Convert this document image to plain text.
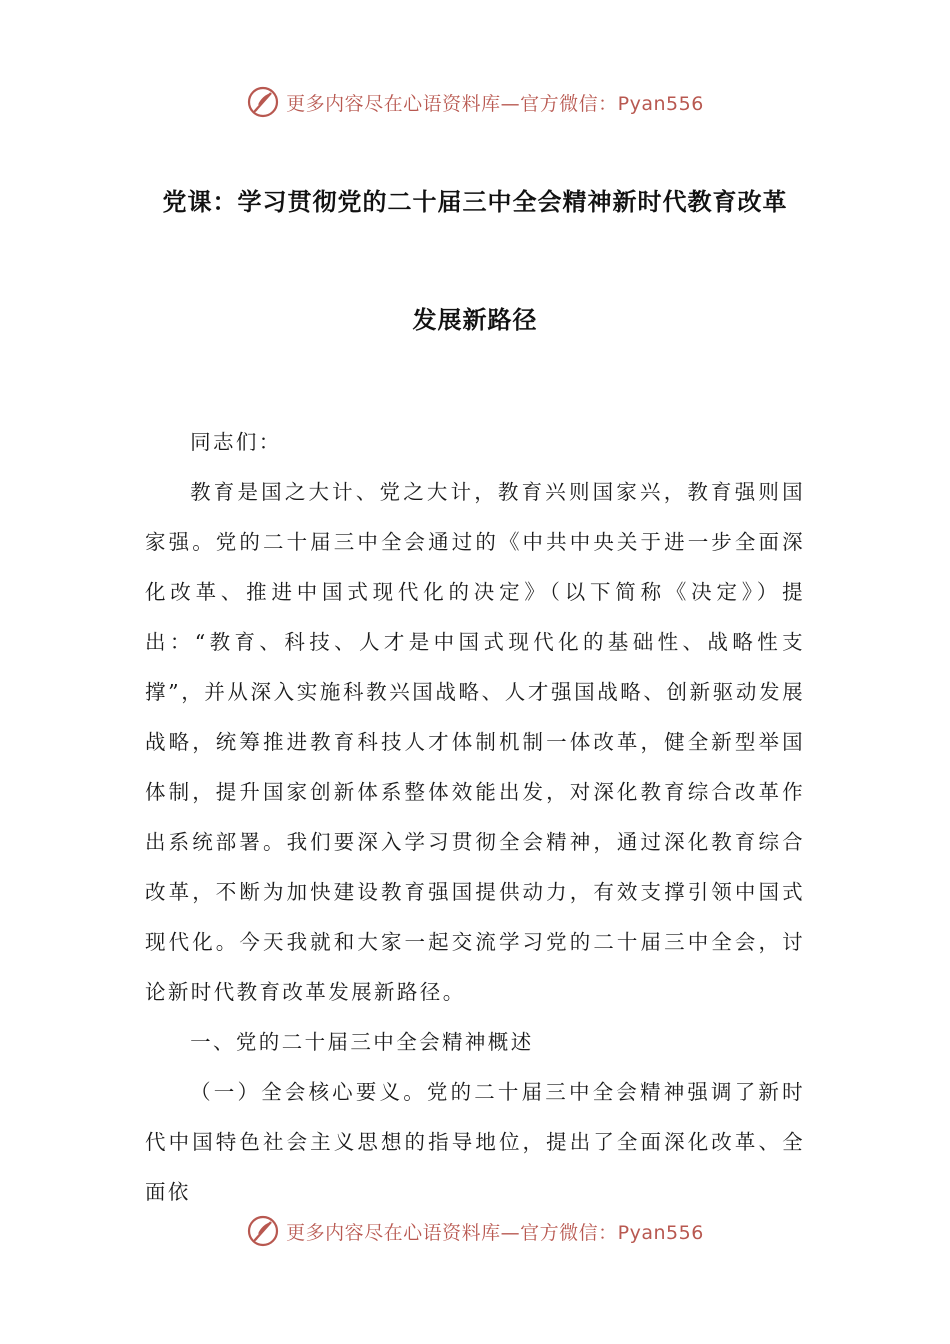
更多内容尽在心语资料库—官方微信：Pyan556
党课：学习贯彻党的二十届三中全会精神新时代教育改革
发展新路径

同志们：

教育是国之大计、党之大计，教育兴则国家兴，教育强则国家强。党的二十届三中全会通过的《中共中央关于进一步全面深化改革、推进中国式现代化的决定》（以下简称《决定》）提出：“教育、科技、人才是中国式现代化的基础性、战略性支撑”，并从深入实施科教兴国战略、人才强国战略、创新驱动发展战略，统筹推进教育科技人才体制机制一体改革，健全新型举国体制，提升国家创新体系整体效能出发，对深化教育综合改革作出系统部署。我们要深入学习贯彻全会精神，通过深化教育综合改革，不断为加快建设教育强国提供动力，有效支撑引领中国式现代化。今天我就和大家一起交流学习党的二十届三中全会，讨论新时代教育改革发展新路径。

一、党的二十届三中全会精神概述

（一）全会核心要义。党的二十届三中全会精神强调了新时代中国特色社会主义思想的指导地位，提出了全面深化改革、全面依

更多内容尽在心语资料库—官方微信：Pyan556
